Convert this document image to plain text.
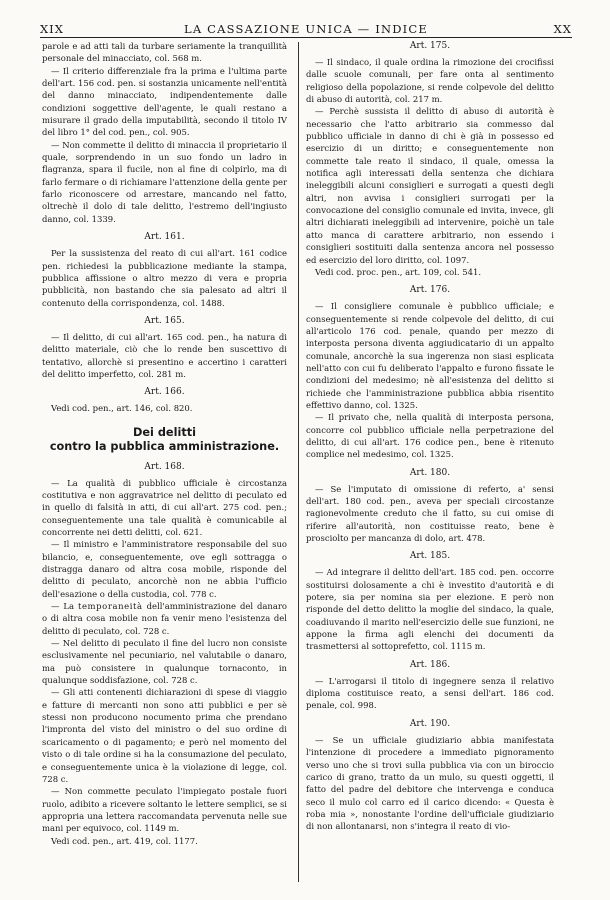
XIX	LA CASSAZIONE UNICA — INDICE	XX

parole e ad atti tali da turbare seriamente la tranquillità personale del minacciato, col. 568 m.

— Il criterio differenziale fra la prima e l'ultima parte dell'art. 156 cod. pen. si sostanzia unicamente nell'entità del danno minacciato, indipendentemente dalle condizioni soggettive dell'agente, le quali restano a misurare il grado della imputabilità, secondo il titolo IV del libro 1° del cod. pen., col. 905.

— Non commette il delitto di minaccia il proprietario il quale, sorprendendo in un suo fondo un ladro in flagranza, spara il fucile, non al fine di colpirlo, ma di farlo fermare o di richiamare l'attenzione della gente per farlo riconoscere od arrestare, mancando nel fatto, oltrechè il dolo di tale delitto, l'estremo dell'ingiusto danno, col. 1339.

Art. 161.

Per la sussistenza del reato di cui all'art. 161 codice pen. richiedesi la pubblicazione mediante la stampa, pubblica affissione o altro mezzo di vera e propria pubblicità, non bastando che sia palesato ad altri il contenuto della corrispondenza, col. 1488.

Art. 165.

— Il delitto, di cui all'art. 165 cod. pen., ha natura di delitto materiale, ciò che lo rende ben suscettivo di tentativo, allorchè si presentino e accertino i caratteri del delitto imperfetto, col. 281 m.

Art. 166.

Vedi cod. pen., art. 146, col. 820.

Dei delitti
contro la pubblica amministrazione.
Art. 168.

— La qualità di pubblico ufficiale è circostanza costitutiva e non aggravatrice nel delitto di peculato ed in quello di falsità in atti, di cui all'art. 275 cod. pen.; conseguentemente una tale qualità è comunicabile al concorrente nei detti delitti, col. 621.

— Il ministro e l'amministratore responsabile del suo bilancio, e, conseguentemente, ove egli sottragga o distragga danaro od altra cosa mobile, risponde del delitto di peculato, ancorchè non ne abbia l'ufficio dell'esazione o della custodia, col. 778 c.

— La temporaneità dell'amministrazione del danaro o di altra cosa mobile non fa venir meno l'esistenza del delitto di peculato, col. 728 c.

— Nel delitto di peculato il fine del lucro non consiste esclusivamente nel pecuniario, nel valutabile o danaro, ma può consistere in qualunque tornaconto, in qualunque soddisfazione, col. 728 c.

— Gli atti contenenti dichiarazioni di spese di viaggio e fatture di mercanti non sono atti pubblici e per sè stessi non producono nocumento prima che prendano l'impronta del visto del ministro o del suo ordine di scaricamento o di pagamento; e però nel momento del visto o di tale ordine si ha la consumazione del peculato, e conseguentemente unica è la violazione di legge, col. 728 c.

— Non commette peculato l'impiegato postale fuori ruolo, adibito a ricevere soltanto le lettere semplici, se si appropria una lettera raccomandata pervenuta nelle sue mani per equivoco, col. 1149 m.

Vedi cod. pen., art. 419, col. 1177.

Art. 175.

— Il sindaco, il quale ordina la rimozione dei crocifissi dalle scuole comunali, per fare onta al sentimento religioso della popolazione, si rende colpevole del delitto di abuso di autorità, col. 217 m.

— Perchè sussista il delitto di abuso di autorità è necessario che l'atto arbitrario sia commesso dal pubblico ufficiale in danno di chi è già in possesso ed esercizio di un diritto; e conseguentemente non commette tale reato il sindaco, il quale, omessa la notifica agli interessati della sentenza che dichiara ineleggibili alcuni consiglieri e surrogati a questi degli altri, non avvisa i consiglieri surrogati per la convocazione del consiglio comunale ed invita, invece, gli altri dichiarati ineleggibili ad intervenire, poichè un tale atto manca di carattere arbitrario, non essendo i consiglieri sostituiti dalla sentenza ancora nel possesso ed esercizio del loro diritto, col. 1097.

Vedi cod. proc. pen., art. 109, col. 541.

Art. 176.

— Il consigliere comunale è pubblico ufficiale; e conseguentemente si rende colpevole del delitto, di cui all'articolo 176 cod. penale, quando per mezzo di interposta persona diventa aggiudicatario di un appalto comunale, ancorchè la sua ingerenza non siasi esplicata nell'atto con cui fu deliberato l'appalto e furono fissate le condizioni del medesimo; nè all'esistenza del delitto si richiede che l'amministrazione pubblica abbia risentito effettivo danno, col. 1325.

— Il privato che, nella qualità di interposta persona, concorre col pubblico ufficiale nella perpetrazione del delitto, di cui all'art. 176 codice pen., bene è ritenuto complice nel medesimo, col. 1325.

Art. 180.

— Se l'imputato di omissione di referto, a' sensi dell'art. 180 cod. pen., aveva per speciali circostanze ragionevolmente creduto che il fatto, su cui omise di riferire all'autorità, non costituisse reato, bene è prosciolto per mancanza di dolo, art. 478.

Art. 185.

— Ad integrare il delitto dell'art. 185 cod. pen. occorre sostituirsi dolosamente a chi è investito d'autorità e di potere, sia per nomina sia per elezione. E però non risponde del detto delitto la moglie del sindaco, la quale, coadiuvando il marito nell'esercizio delle sue funzioni, ne appone la firma agli elenchi dei documenti da trasmettersi al sottoprefetto, col. 1115 m.

Art. 186.

— L'arrogarsi il titolo di ingegnere senza il relativo diploma costituisce reato, a sensi dell'art. 186 cod. penale, col. 998.

Art. 190.

— Se un ufficiale giudiziario abbia manifestata l'intenzione di procedere a immediato pignoramento verso uno che si trovi sulla pubblica via con un biroccio carico di grano, tratto da un mulo, su questi oggetti, il fatto del padre del debitore che intervenga e conduca seco il mulo col carro ed il carico dicendo: « Questa è roba mia », nonostante l'ordine dell'ufficiale giudiziario di non allontanarsi, non s'integra il reato di vio-
